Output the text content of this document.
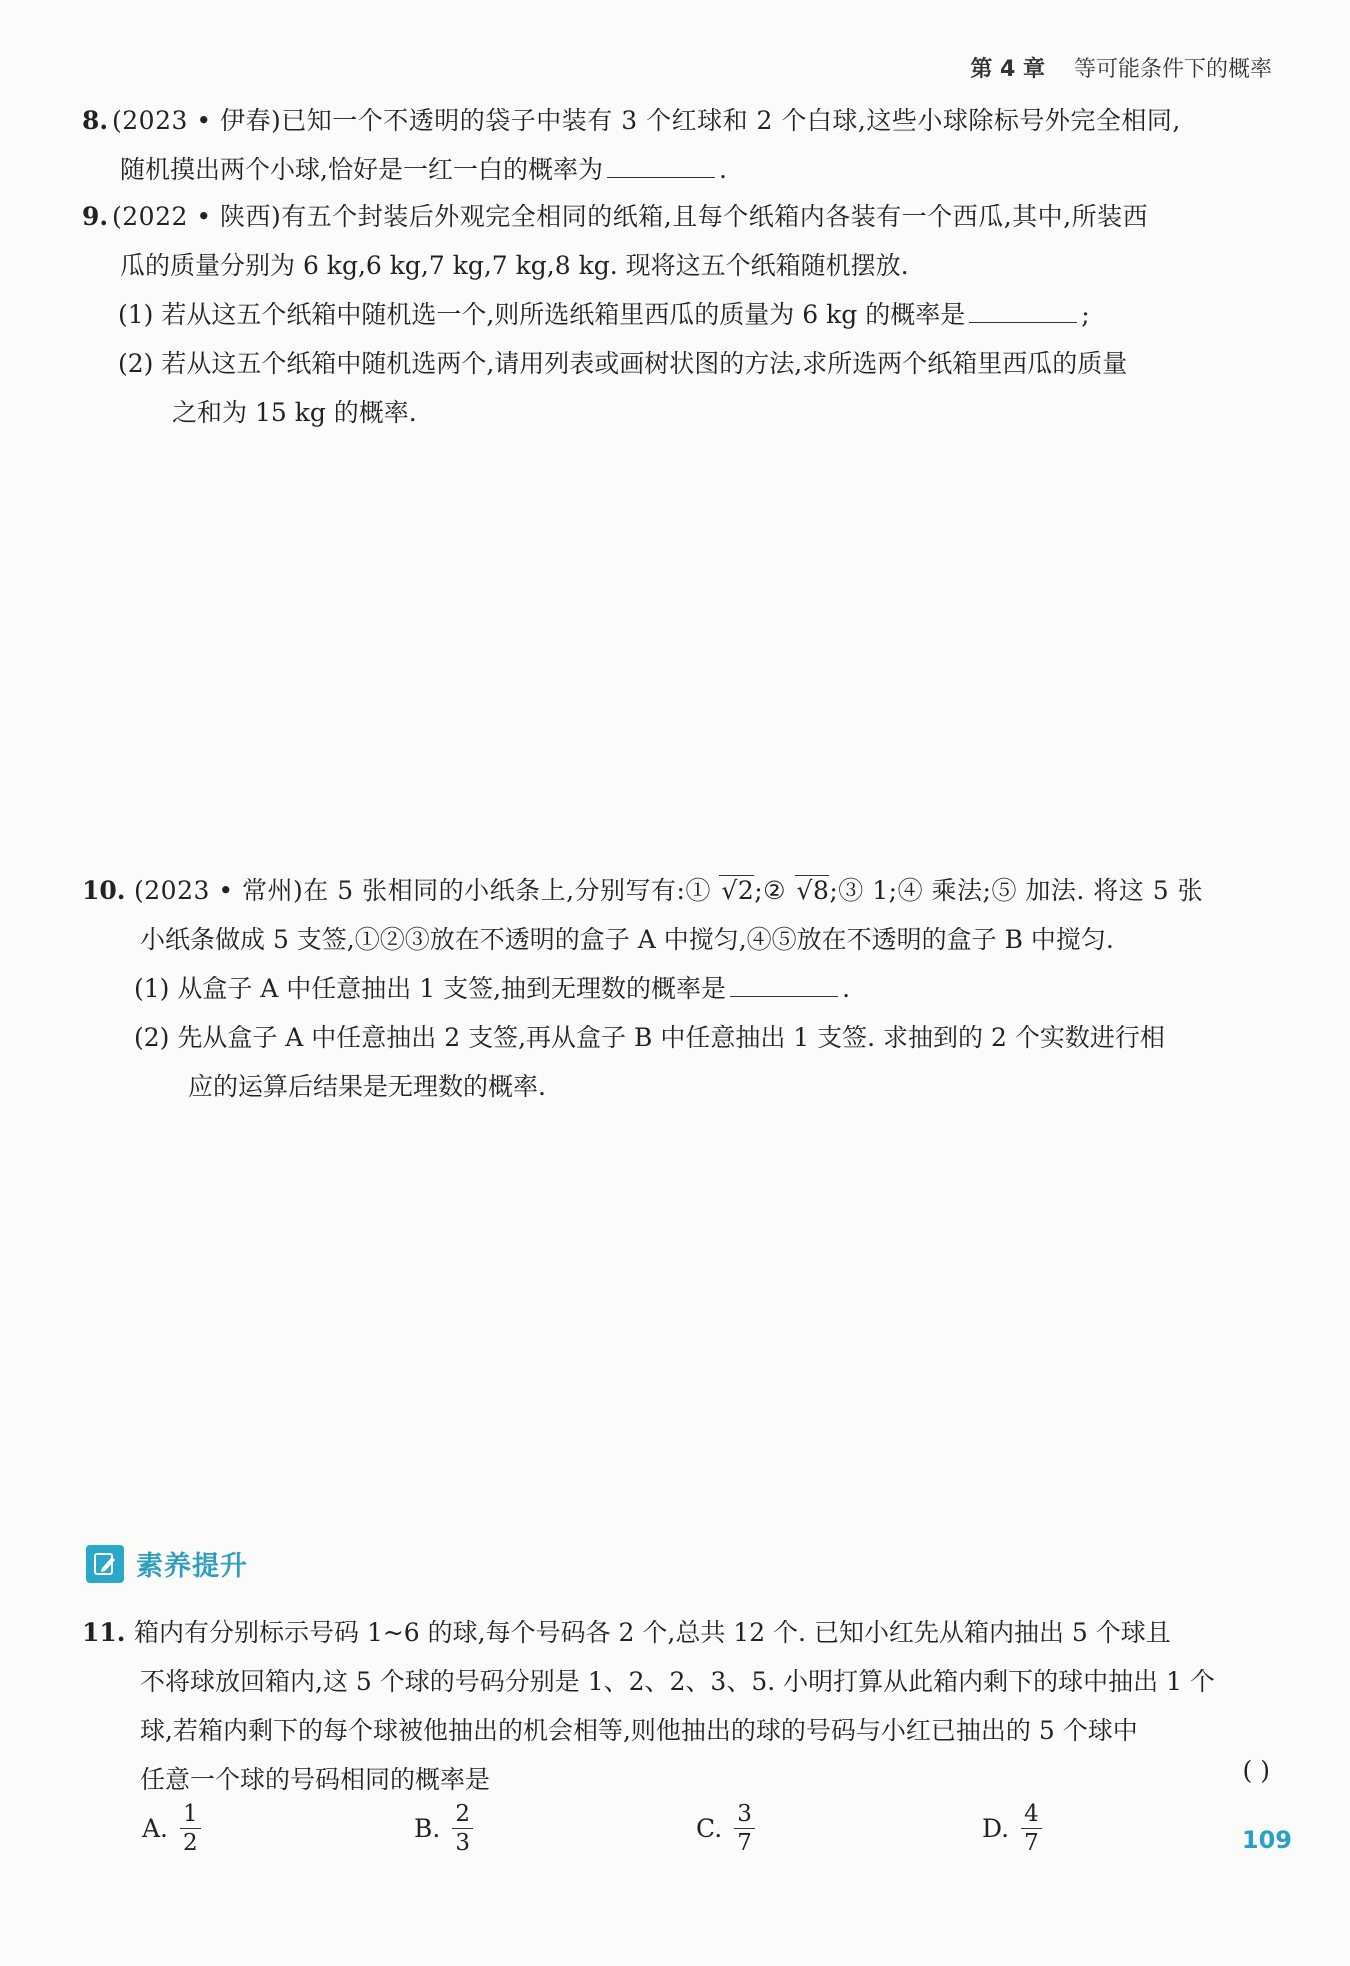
第 4 章 等可能条件下的概率
8. (2023 • 伊春)已知一个不透明的袋子中装有 3 个红球和 2 个白球,这些小球除标号外完全相同,
随机摸出两个小球,恰好是一红一白的概率为	.
9. (2022 • 陕西)有五个封装后外观完全相同的纸箱,且每个纸箱内各装有一个西瓜,其中,所装西
瓜的质量分别为 6 kg,6 kg,7 kg,7 kg,8 kg. 现将这五个纸箱随机摆放.
(1) 若从这五个纸箱中随机选一个,则所选纸箱里西瓜的质量为 6 kg 的概率是	;
(2) 若从这五个纸箱中随机选两个,请用列表或画树状图的方法,求所选两个纸箱里西瓜的质量
之和为 15 kg 的概率.
10. (2023 • 常州)在 5 张相同的小纸条上,分别写有:① √2;② √8;③ 1;④ 乘法;⑤ 加法. 将这 5 张
小纸条做成 5 支签,①②③放在不透明的盒子 A 中搅匀,④⑤放在不透明的盒子 B 中搅匀.
(1) 从盒子 A 中任意抽出 1 支签,抽到无理数的概率是	.
(2) 先从盒子 A 中任意抽出 2 支签,再从盒子 B 中任意抽出 1 支签. 求抽到的 2 个实数进行相
应的运算后结果是无理数的概率.
素养提升
11. 箱内有分别标示号码 1~6 的球,每个号码各 2 个,总共 12 个. 已知小红先从箱内抽出 5 个球且
不将球放回箱内,这 5 个球的号码分别是 1、2、2、3、5. 小明打算从此箱内剩下的球中抽出 1 个
球,若箱内剩下的每个球被他抽出的机会相等,则他抽出的球的号码与小红已抽出的 5 个球中
任意一个球的号码相同的概率是	( )
A. $\frac{1}{2}$	B. $\frac{2}{3}$	C. $\frac{3}{7}$	D. $\frac{4}{7}$	109
